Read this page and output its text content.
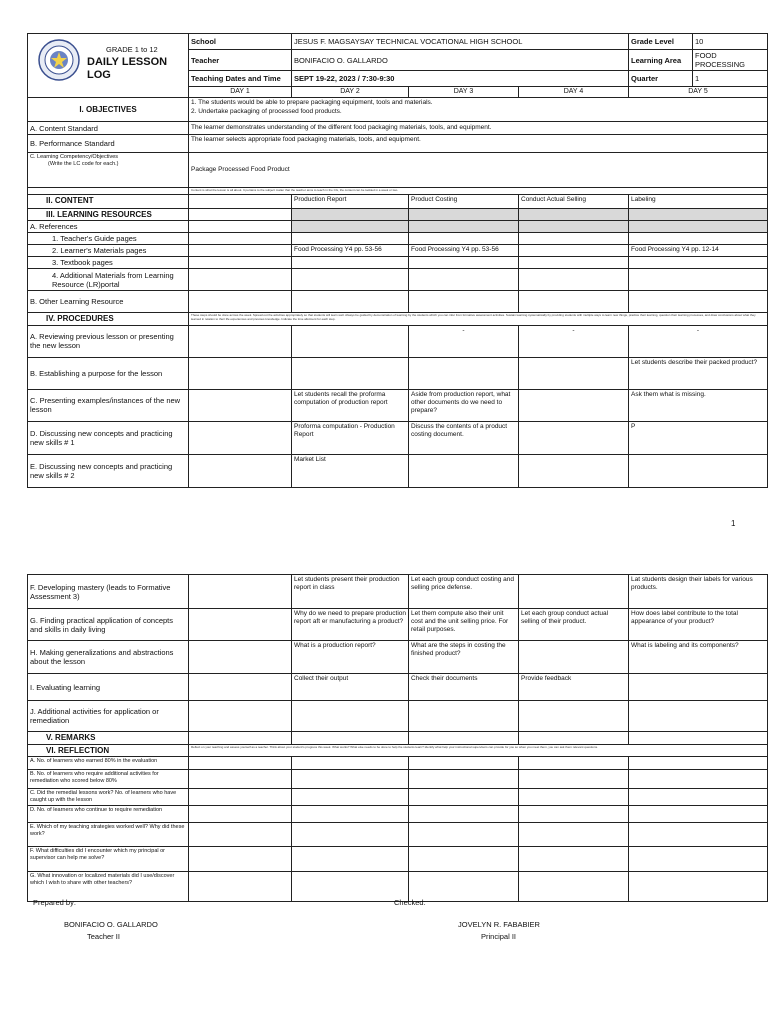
GRADE 1 to 12
DAILY LESSON LOG	School	JESUS F. MAGSAYSAY TECHNICAL VOCATIONAL HIGH SCHOOL			Grade Level	10
	Teacher	BONIFACIO O. GALLARDO			Learning Area	FOOD PROCESSING
	Teaching Dates and Time	SEPT 19-22, 2023 / 7:30-9:30			Quarter	1
	DAY 1	DAY 2	DAY 3	DAY 4	DAY 5	
I. OBJECTIVES	1. The students would be able to prepare packaging equipment, tools and materials.
2. Undertake packaging of processed food products.					

A. Content Standard	The learner demonstrates understanding of the different food packaging materials, tools, and equipment.					
B. Performance Standard	The learner selects appropriate food packaging materials, tools, and equipment.					

C. Learning Competency/Objectives
(Write the LC code for each.)	Package Processed Food Product					
	Content is what the lesson is all about. It pertains to the subject matter that the teacher aims to teach in the CG, the content can be tackled in a week or two.					
II. CONTENT		Production Report	Product Costing	Conduct Actual Selling	Labeling	
III. LEARNING RESOURCES						
A. References						
1. Teacher's Guide pages						
2. Learner's Materials pages		Food Processing Y4 pp. 53-56	Food Processing Y4 pp. 53-56		Food Processing Y4 pp. 12-14	
3. Textbook pages						
4. Additional Materials from Learning Resource (LR)portal						
B. Other Learning Resource						
IV. PROCEDURES	These steps should be done across the week. Spread out the activities appropriately so that students will learn well. Always be guided by demonstration of learning by the students which you can infer from formative assessment activities. Sustain learning systematically by providing students with multiple ways to learn new things, practice their learning, question their learning processes, and draw conclusions about what they learned in relation to their life experiences and previous knowledge. Indicate the time allotment for each step.					
A. Reviewing previous lesson or presenting the new lesson			-	-	-	
B. Establishing a purpose for the lesson					Let students describe their packed product?	
C. Presenting examples/instances of the new lesson		Let students recall the proforma computation of production report	Aside from production report, what other documents do we need to prepare?		Ask them what is missing.	
D. Discussing new concepts and practicing new skills # 1		Proforma computation - Production Report	Discuss the contents of a product costing document.		P	
E. Discussing new concepts and practicing new skills # 2		Market List				
1
F. Developing mastery (leads to Formative Assessment 3)		Let students present their production report in class	Let each group conduct costing and selling price defense.		Lat students design their labels for various products.
G. Finding practical application of concepts and skills in daily living		Why do we need to prepare production report aft er manufacturing a product?	Let them compute also their unit cost and the unit selling price. For retail purposes.	Let each group conduct actual selling of their product.	How does label contribute to the total appearance of your product?
H. Making generalizations and abstractions about the lesson		What is a production report?	What are the steps in costing the finished product?		What is labeling and its components?
I. Evaluating learning		Collect their output	Check their documents	Provide feedback	
J. Additional activities for application or remediation					
V. REMARKS					
VI. REFLECTION	Reflect on your teaching and assess yourself as a teacher. Think about your student's progress this week. What works? What else needs to be done to help the students learn? Identify what help your instructional supervisors can provide for you so when you meet them, you can ask them relevant questions.				
A. No. of learners who earned 80% in the evaluation					
B. No. of learners who require additional activities for remediation who scored below 80%					
C. Did the remedial lessons work? No. of learners who have caught up with the lesson					
D. No. of learners who continue to require remediation					
E. Which of my teaching strategies worked well? Why did these work?					
F. What difficulties did I encounter which my principal or supervisor can help me solve?					
G. What innovation or localized materials did I use/discover which I wish to share with other teachers?					
Prepared by:	Checked:
BONIFACIO O. GALLARDO
Teacher II
JOVELYN R. FABABIER
Principal II
